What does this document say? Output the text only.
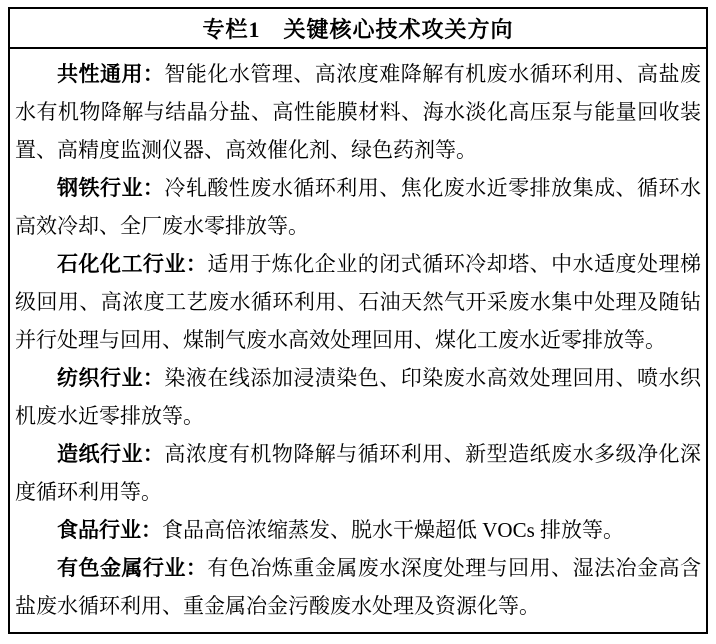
专栏1　关键核心技术攻关方向

共性通用：智能化水管理、高浓度难降解有机废水循环利用、高盐废水有机物降解与结晶分盐、高性能膜材料、海水淡化高压泵与能量回收装置、高精度监测仪器、高效催化剂、绿色药剂等。

钢铁行业：冷轧酸性废水循环利用、焦化废水近零排放集成、循环水高效冷却、全厂废水零排放等。

石化化工行业：适用于炼化企业的闭式循环冷却塔、中水适度处理梯级回用、高浓度工艺废水循环利用、石油天然气开采废水集中处理及随钻并行处理与回用、煤制气废水高效处理回用、煤化工废水近零排放等。

纺织行业：染液在线添加浸渍染色、印染废水高效处理回用、喷水织机废水近零排放等。

造纸行业：高浓度有机物降解与循环利用、新型造纸废水多级净化深度循环利用等。

食品行业：食品高倍浓缩蒸发、脱水干燥超低 VOCs 排放等。

有色金属行业：有色冶炼重金属废水深度处理与回用、湿法冶金高含盐废水循环利用、重金属冶金污酸废水处理及资源化等。
